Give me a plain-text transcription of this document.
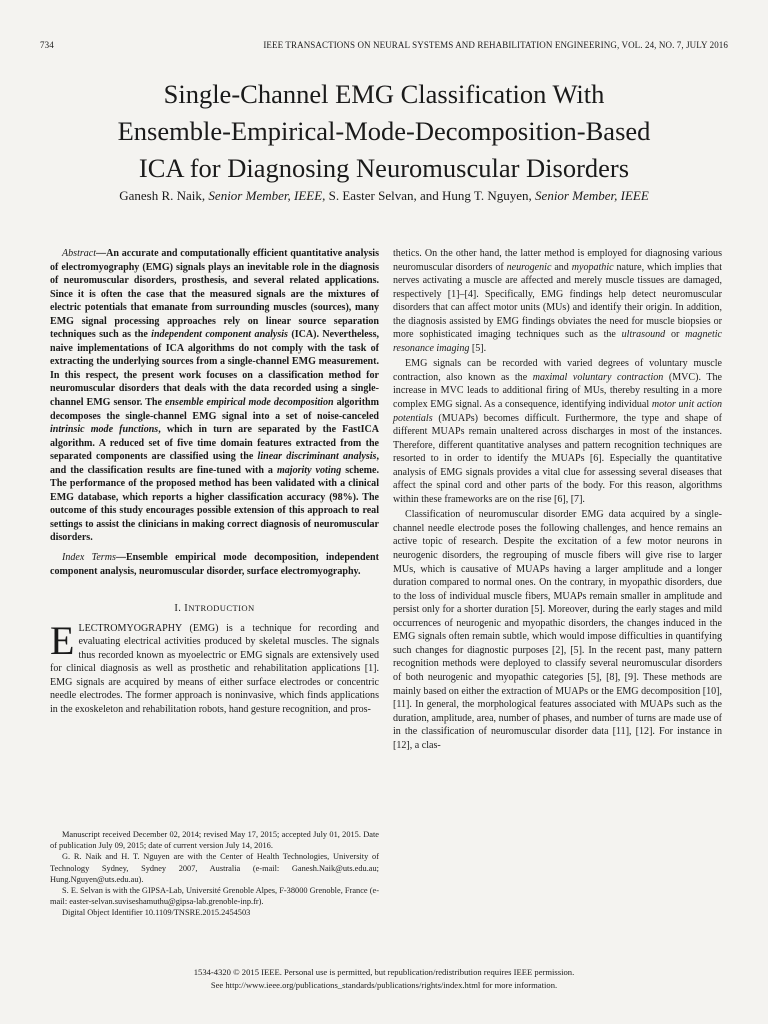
734	IEEE TRANSACTIONS ON NEURAL SYSTEMS AND REHABILITATION ENGINEERING, VOL. 24, NO. 7, JULY 2016
Single-Channel EMG Classification With
Ensemble-Empirical-Mode-Decomposition-Based
ICA for Diagnosing Neuromuscular Disorders
Ganesh R. Naik, Senior Member, IEEE, S. Easter Selvan, and Hung T. Nguyen, Senior Member, IEEE

Abstract—An accurate and computationally efficient quantitative analysis of electromyography (EMG) signals plays an inevitable role in the diagnosis of neuromuscular disorders, prosthesis, and several related applications. Since it is often the case that the measured signals are the mixtures of electric potentials that emanate from surrounding muscles (sources), many EMG signal processing approaches rely on linear source separation techniques such as the independent component analysis (ICA). Nevertheless, naive implementations of ICA algorithms do not comply with the task of extracting the underlying sources from a single-channel EMG measurement. In this respect, the present work focuses on a classification method for neuromuscular disorders that deals with the data recorded using a single-channel EMG sensor. The ensemble empirical mode decomposition algorithm decomposes the single-channel EMG signal into a set of noise-canceled intrinsic mode functions, which in turn are separated by the FastICA algorithm. A reduced set of five time domain features extracted from the separated components are classified using the linear discriminant analysis, and the classification results are fine-tuned with a majority voting scheme. The performance of the proposed method has been validated with a clinical EMG database, which reports a higher classification accuracy (98%). The outcome of this study encourages possible extension of this approach to real settings to assist the clinicians in making correct diagnosis of neuromuscular disorders.

Index Terms—Ensemble empirical mode decomposition, independent component analysis, neuromuscular disorder, surface electromyography.

I. INTRODUCTION

ELECTROMYOGRAPHY (EMG) is a technique for recording and evaluating electrical activities produced by skeletal muscles. The signals thus recorded known as myoelectric or EMG signals are extensively used for clinical diagnosis as well as prosthetic and rehabilitation applications [1]. EMG signals are acquired by means of either surface electrodes or concentric needle electrodes. The former approach is noninvasive, which finds applications in the exoskeleton and rehabilitation robots, hand gesture recognition, and pros-

Manuscript received December 02, 2014; revised May 17, 2015; accepted July 01, 2015. Date of publication July 09, 2015; date of current version July 14, 2016.

G. R. Naik and H. T. Nguyen are with the Center of Health Technologies, University of Technology Sydney, Sydney 2007, Australia (e-mail: Ganesh.Naik@uts.edu.au; Hung.Nguyen@uts.edu.au).

S. E. Selvan is with the GIPSA-Lab, Université Grenoble Alpes, F-38000 Grenoble, France (e-mail: easter-selvan.suviseshamuthu@gipsa-lab.grenoble-inp.fr).

Digital Object Identifier 10.1109/TNSRE.2015.2454503

thetics. On the other hand, the latter method is employed for diagnosing various neuromuscular disorders of neurogenic and myopathic nature, which implies that nerves activating a muscle are affected and merely muscle tissues are damaged, respectively [1]–[4]. Specifically, EMG findings help detect neuromuscular disorders that can affect motor units (MUs) and identify their origin. In addition, the diagnosis assisted by EMG findings obviates the need for muscle biopsies or more sophisticated imaging techniques such as the ultrasound or magnetic resonance imaging [5].

EMG signals can be recorded with varied degrees of voluntary muscle contraction, also known as the maximal voluntary contraction (MVC). The increase in MVC leads to additional firing of MUs, thereby resulting in a more complex EMG signal. As a consequence, identifying individual motor unit action potentials (MUAPs) becomes difficult. Furthermore, the type and shape of different MUAPs remain unaltered across discharges in most of the instances. Therefore, different quantitative analyses and pattern recognition techniques are resorted to in order to identify the MUAPs [6]. Especially the quantitative analysis of EMG signals provides a vital clue for assessing several diseases that affect the spinal cord and other parts of the body. For this reason, algorithms within these frameworks are on the rise [6], [7].

Classification of neuromuscular disorder EMG data acquired by a single-channel needle electrode poses the following challenges, and hence remains an active topic of research. Despite the excitation of a few motor neurons in neurogenic disorders, the regrouping of muscle fibers will give rise to larger MUs, which is causative of MUAPs having a larger amplitude and a longer duration compared to normal ones. On the contrary, in myopathic disorders, due to the loss of individual muscle fibers, MUAPs remain smaller in amplitude and persist only for a shorter duration [5]. Moreover, during the early stages and mild occurrences of neurogenic and myopathic disorders, the changes induced in the EMG signals often remain subtle, which would impose difficulties in quantifying such changes for diagnostic purposes [2], [5]. In the recent past, many pattern recognition methods were deployed to classify several neuromuscular disorders of both neurogenic and myopathic categories [5], [8], [9]. These methods are mainly based on either the extraction of MUAPs or the EMG decomposition [10], [11]. In general, the morphological features associated with MUAPs such as the duration, amplitude, area, number of phases, and number of turns are made use of in the classification of neuromuscular disorder data [11], [12]. For instance in [12], a clas-

1534-4320 © 2015 IEEE. Personal use is permitted, but republication/redistribution requires IEEE permission.
See http://www.ieee.org/publications_standards/publications/rights/index.html for more information.
